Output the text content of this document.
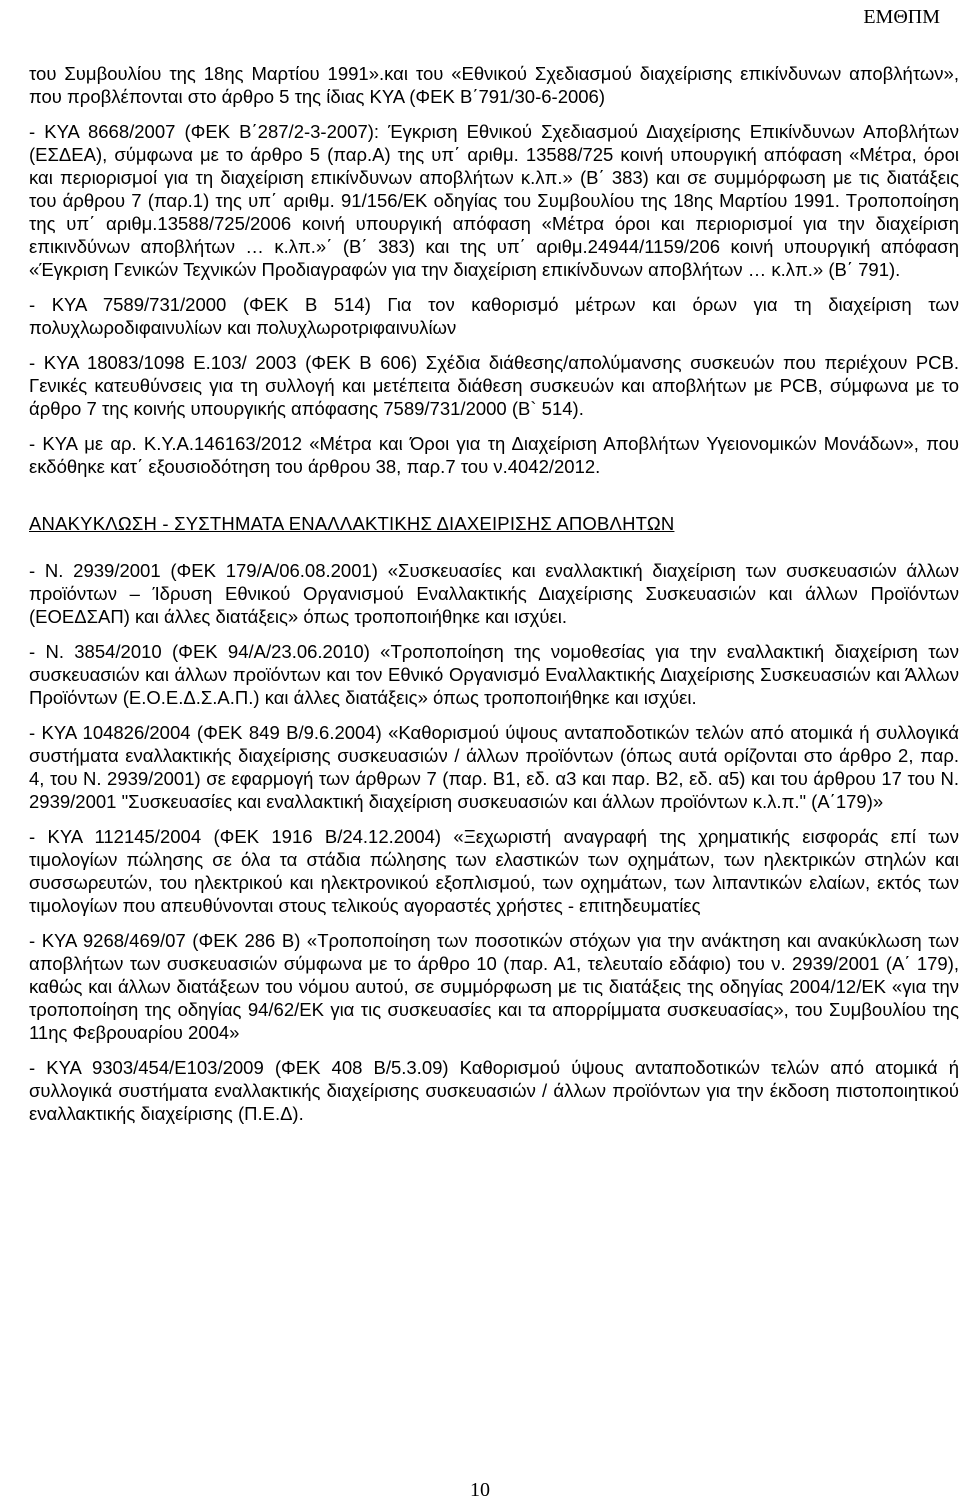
ΕΜΘΠΜ

του Συμβουλίου της 18ης Μαρτίου 1991».και του «Εθνικού Σχεδιασμού διαχείρισης επικίνδυνων αποβλήτων», που προβλέπονται στο άρθρο 5 της ίδιας ΚΥΑ (ΦΕΚ Β΄791/30-6-2006)

- ΚΥΑ 8668/2007 (ΦΕΚ Β΄287/2-3-2007): Έγκριση Εθνικού Σχεδιασμού Διαχείρισης Επικίνδυνων Αποβλήτων (ΕΣΔΕΑ), σύμφωνα με το άρθρο 5 (παρ.Α) της υπ΄ αριθμ. 13588/725 κοινή υπουργική απόφαση «Μέτρα, όροι και περιορισμοί για τη διαχείριση επικίνδυνων αποβλήτων κ.λπ.» (Β΄ 383) και σε συμμόρφωση με τις διατάξεις του άρθρου 7 (παρ.1) της υπ΄ αριθμ. 91/156/ΕΚ οδηγίας του Συμβουλίου της 18ης Μαρτίου 1991. Τροποποίηση της υπ΄ αριθμ.13588/725/2006 κοινή υπουργική απόφαση «Μέτρα όροι και περιορισμοί για την διαχείριση επικινδύνων αποβλήτων … κ.λπ.»΄ (Β΄ 383) και της υπ΄ αριθμ.24944/1159/206 κοινή υπουργική απόφαση «Έγκριση Γενικών Τεχνικών Προδιαγραφών για την διαχείριση επικίνδυνων αποβλήτων … κ.λπ.» (Β΄ 791).

- ΚΥΑ 7589/731/2000 (ΦΕΚ Β 514) Για τον καθορισμό μέτρων και όρων για τη διαχείριση των πολυχλωροδιφαινυλίων και πολυχλωροτριφαινυλίων

- ΚΥΑ 18083/1098 Ε.103/ 2003 (ΦΕΚ Β 606) Σχέδια διάθεσης/απολύμανσης συσκευών που περιέχουν PCB. Γενικές κατευθύνσεις για τη συλλογή και μετέπειτα διάθεση συσκευών και αποβλήτων με PCB, σύμφωνα με το άρθρο 7 της κοινής υπουργικής απόφασης 7589/731/2000 (Β` 514).

- ΚΥΑ με αρ. Κ.Υ.Α.146163/2012 «Μέτρα και Όροι για τη Διαχείριση Αποβλήτων Υγειονομικών Μονάδων», που εκδόθηκε κατ΄ εξουσιοδότηση του άρθρου 38, παρ.7 του ν.4042/2012.

ΑΝΑΚΥΚΛΩΣΗ - ΣΥΣΤΗΜΑΤΑ ΕΝΑΛΛΑΚΤΙΚΗΣ ΔΙΑΧΕΙΡΙΣΗΣ ΑΠΟΒΛΗΤΩΝ

- Ν. 2939/2001 (ΦΕΚ 179/Α/06.08.2001) «Συσκευασίες και εναλλακτική διαχείριση των συσκευασιών άλλων προϊόντων – Ίδρυση Εθνικού Οργανισμού Εναλλακτικής Διαχείρισης Συσκευασιών και άλλων Προϊόντων (ΕΟΕΔΣΑΠ) και άλλες διατάξεις» όπως τροποποιήθηκε και ισχύει.

- Ν. 3854/2010 (ΦΕΚ 94/Α/23.06.2010) «Τροποποίηση της νομοθεσίας για την εναλλακτική διαχείριση των συσκευασιών και άλλων προϊόντων και τον Εθνικό Οργανισμό Εναλλακτικής Διαχείρισης Συσκευασιών και Άλλων Προϊόντων (Ε.Ο.Ε.Δ.Σ.Α.Π.) και άλλες διατάξεις» όπως τροποποιήθηκε και ισχύει.

- ΚΥΑ 104826/2004 (ΦΕΚ 849 Β/9.6.2004) «Καθορισμού ύψους ανταποδοτικών τελών από ατομικά ή συλλογικά συστήματα εναλλακτικής διαχείρισης συσκευασιών / άλλων προϊόντων (όπως αυτά ορίζονται στο άρθρο 2, παρ. 4, του Ν. 2939/2001) σε εφαρμογή των άρθρων 7 (παρ. Β1, εδ. α3 και παρ. Β2, εδ. α5) και του άρθρου 17 του Ν. 2939/2001 "Συσκευασίες και εναλλακτική διαχείριση συσκευασιών και άλλων προϊόντων κ.λ.π." (Α΄179)»

- ΚΥΑ 112145/2004 (ΦΕΚ 1916 Β/24.12.2004) «Ξεχωριστή αναγραφή της χρηματικής εισφοράς επί των τιμολογίων πώλησης σε όλα τα στάδια πώλησης των ελαστικών των οχημάτων, των ηλεκτρικών στηλών και συσσωρευτών, του ηλεκτρικού και ηλεκτρονικού εξοπλισμού, των οχημάτων, των λιπαντικών ελαίων, εκτός των τιμολογίων που απευθύνονται στους τελικούς αγοραστές χρήστες - επιτηδευματίες

- ΚΥΑ 9268/469/07 (ΦΕΚ 286 Β) «Τροποποίηση των ποσοτικών στόχων για την ανάκτηση και ανακύκλωση των αποβλήτων των συσκευασιών σύμφωνα με το άρθρο 10 (παρ. Α1, τελευταίο εδάφιο) του ν. 2939/2001 (Α΄ 179), καθώς και άλλων διατάξεων του νόμου αυτού, σε συμμόρφωση με τις διατάξεις της οδηγίας 2004/12/ΕΚ «για την τροποποίηση της οδηγίας 94/62/ΕΚ για τις συσκευασίες και τα απορρίμματα συσκευασίας», του Συμβουλίου της 11ης Φεβρουαρίου 2004»

- ΚΥΑ 9303/454/Ε103/2009 (ΦΕΚ 408 Β/5.3.09) Καθορισμού ύψους ανταποδοτικών τελών από ατομικά ή συλλογικά συστήματα εναλλακτικής διαχείρισης συσκευασιών / άλλων προϊόντων για την έκδοση πιστοποιητικού εναλλακτικής διαχείρισης (Π.Ε.Δ).

10
